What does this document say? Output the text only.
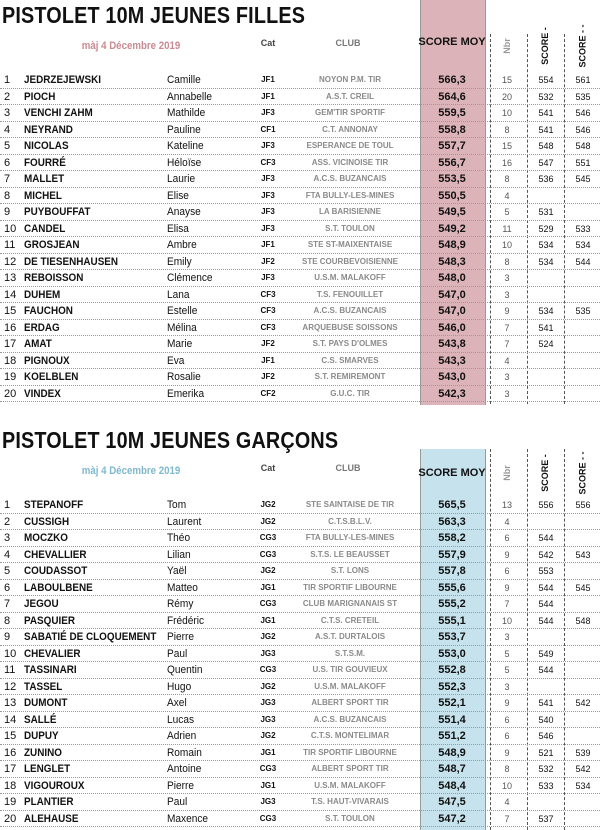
PISTOLET 10M JEUNES FILLES
màj 4 Décembre 2019	Cat	CLUB	SCORE MOY Nbr	SCORE -	SCORE - -
1	JEDRZEJEWSKI	Camille	JF1	NOYON P.M. TIR	566,3	15	554	561
2	PIOCH	Annabelle	JF1	A.S.T. CREIL	564,6	20	532	535
3	VENCHI ZAHM	Mathilde	JF3	GEM'TIR SPORTIF	559,5	10	541	546
4	NEYRAND	Pauline	CF1	C.T. ANNONAY	558,8	8	541	546
5	NICOLAS	Kateline	JF3	ESPERANCE DE TOUL	557,7	15	548	548
6	FOURRÉ	Héloïse	CF3	ASS. VICINOISE TIR	556,7	16	547	551
7	MALLET	Laurie	JF3	A.C.S. BUZANCAIS	553,5	8	536	545
8	MICHEL	Elise	JF3	FTA BULLY-LES-MINES	550,5	4
9	PUYBOUFFAT	Anayse	JF3	LA BARISIENNE	549,5	5	531
10 CANDEL	Elisa	JF3	S.T. TOULON	549,2	11	529	533
11 GROSJEAN	Ambre	JF1	STE ST-MAIXENTAISE	548,9	10	534	534
12 DE TIESENHAUSEN	Emily	JF2	STE COURBEVOISIENNE	548,3	8	534	544
13 REBOISSON	Clémence	JF3	U.S.M. MALAKOFF	548,0	3
14 DUHEM	Lana	CF3	T.S. FENOUILLET	547,0	3
15 FAUCHON	Estelle	CF3	A.C.S. BUZANCAIS	547,0	9	534	535
16 ERDAG	Mélina	CF3	ARQUEBUSE SOISSONS	546,0	7	541
17 AMAT	Marie	JF2	S.T. PAYS D'OLMES	543,8	7	524
18 PIGNOUX	Eva	JF1	C.S. SMARVES	543,3	4
19 KOELBLEN	Rosalie	JF2	S.T. REMIREMONT	543,0	3
20 VINDEX	Emerika	CF2	G.U.C. TIR	542,3	3
PISTOLET 10M JEUNES GARÇONS
màj 4 Décembre 2019	Cat	CLUB	SCORE MOY Nbr	SCORE -	SCORE - -
1	STEPANOFF	Tom	JG2	STE SAINTAISE DE TIR	565,5	13	556	556
2	CUSSIGH	Laurent	JG2	C.T.S.B.L.V.	563,3	4
3	MOCZKO	Théo	CG3	FTA BULLY-LES-MINES	558,2	6	544
4	CHEVALLIER	Lilian	CG3	S.T.S. LE BEAUSSET	557,9	9	542	543
5	COUDASSOT	Yaël	JG2	S.T. LONS	557,8	6	553
6	LABOULBENE	Matteo	JG1	TIR SPORTIF LIBOURNE	555,6	9	544	545
7	JEGOU	Rémy	CG3	CLUB MARIGNANAIS ST	555,2	7	544
8	PASQUIER	Frédéric	JG1	C.T.S. CRETEIL	555,1	10	544	548
9	SABATIÉ DE CLOQUEMENT Pierre	JG2	A.S.T. DURTALOIS	553,7	3
10 CHEVALIER	Paul	JG3	S.T.S.M.	553,0	5	549
11 TASSINARI	Quentin	CG3	U.S. TIR GOUVIEUX	552,8	5	544
12 TASSEL	Hugo	JG2	U.S.M. MALAKOFF	552,3	3
13 DUMONT	Axel	JG3	ALBERT SPORT TIR	552,1	9	541	542
14 SALLÉ	Lucas	JG3	A.C.S. BUZANCAIS	551,4	6	540
15 DUPUY	Adrien	JG2	C.T.S. MONTELIMAR	551,2	6	546
16 ZUNINO	Romain	JG1	TIR SPORTIF LIBOURNE	548,9	9	521	539
17 LENGLET	Antoine	CG3	ALBERT SPORT TIR	548,7	8	532	542
18 VIGOUROUX	Pierre	JG1	U.S.M. MALAKOFF	548,4	10	533	534
19 PLANTIER	Paul	JG3	T.S. HAUT-VIVARAIS	547,5	4
20 ALEHAUSE	Maxence	CG3	S.T. TOULON	547,2	7	537
